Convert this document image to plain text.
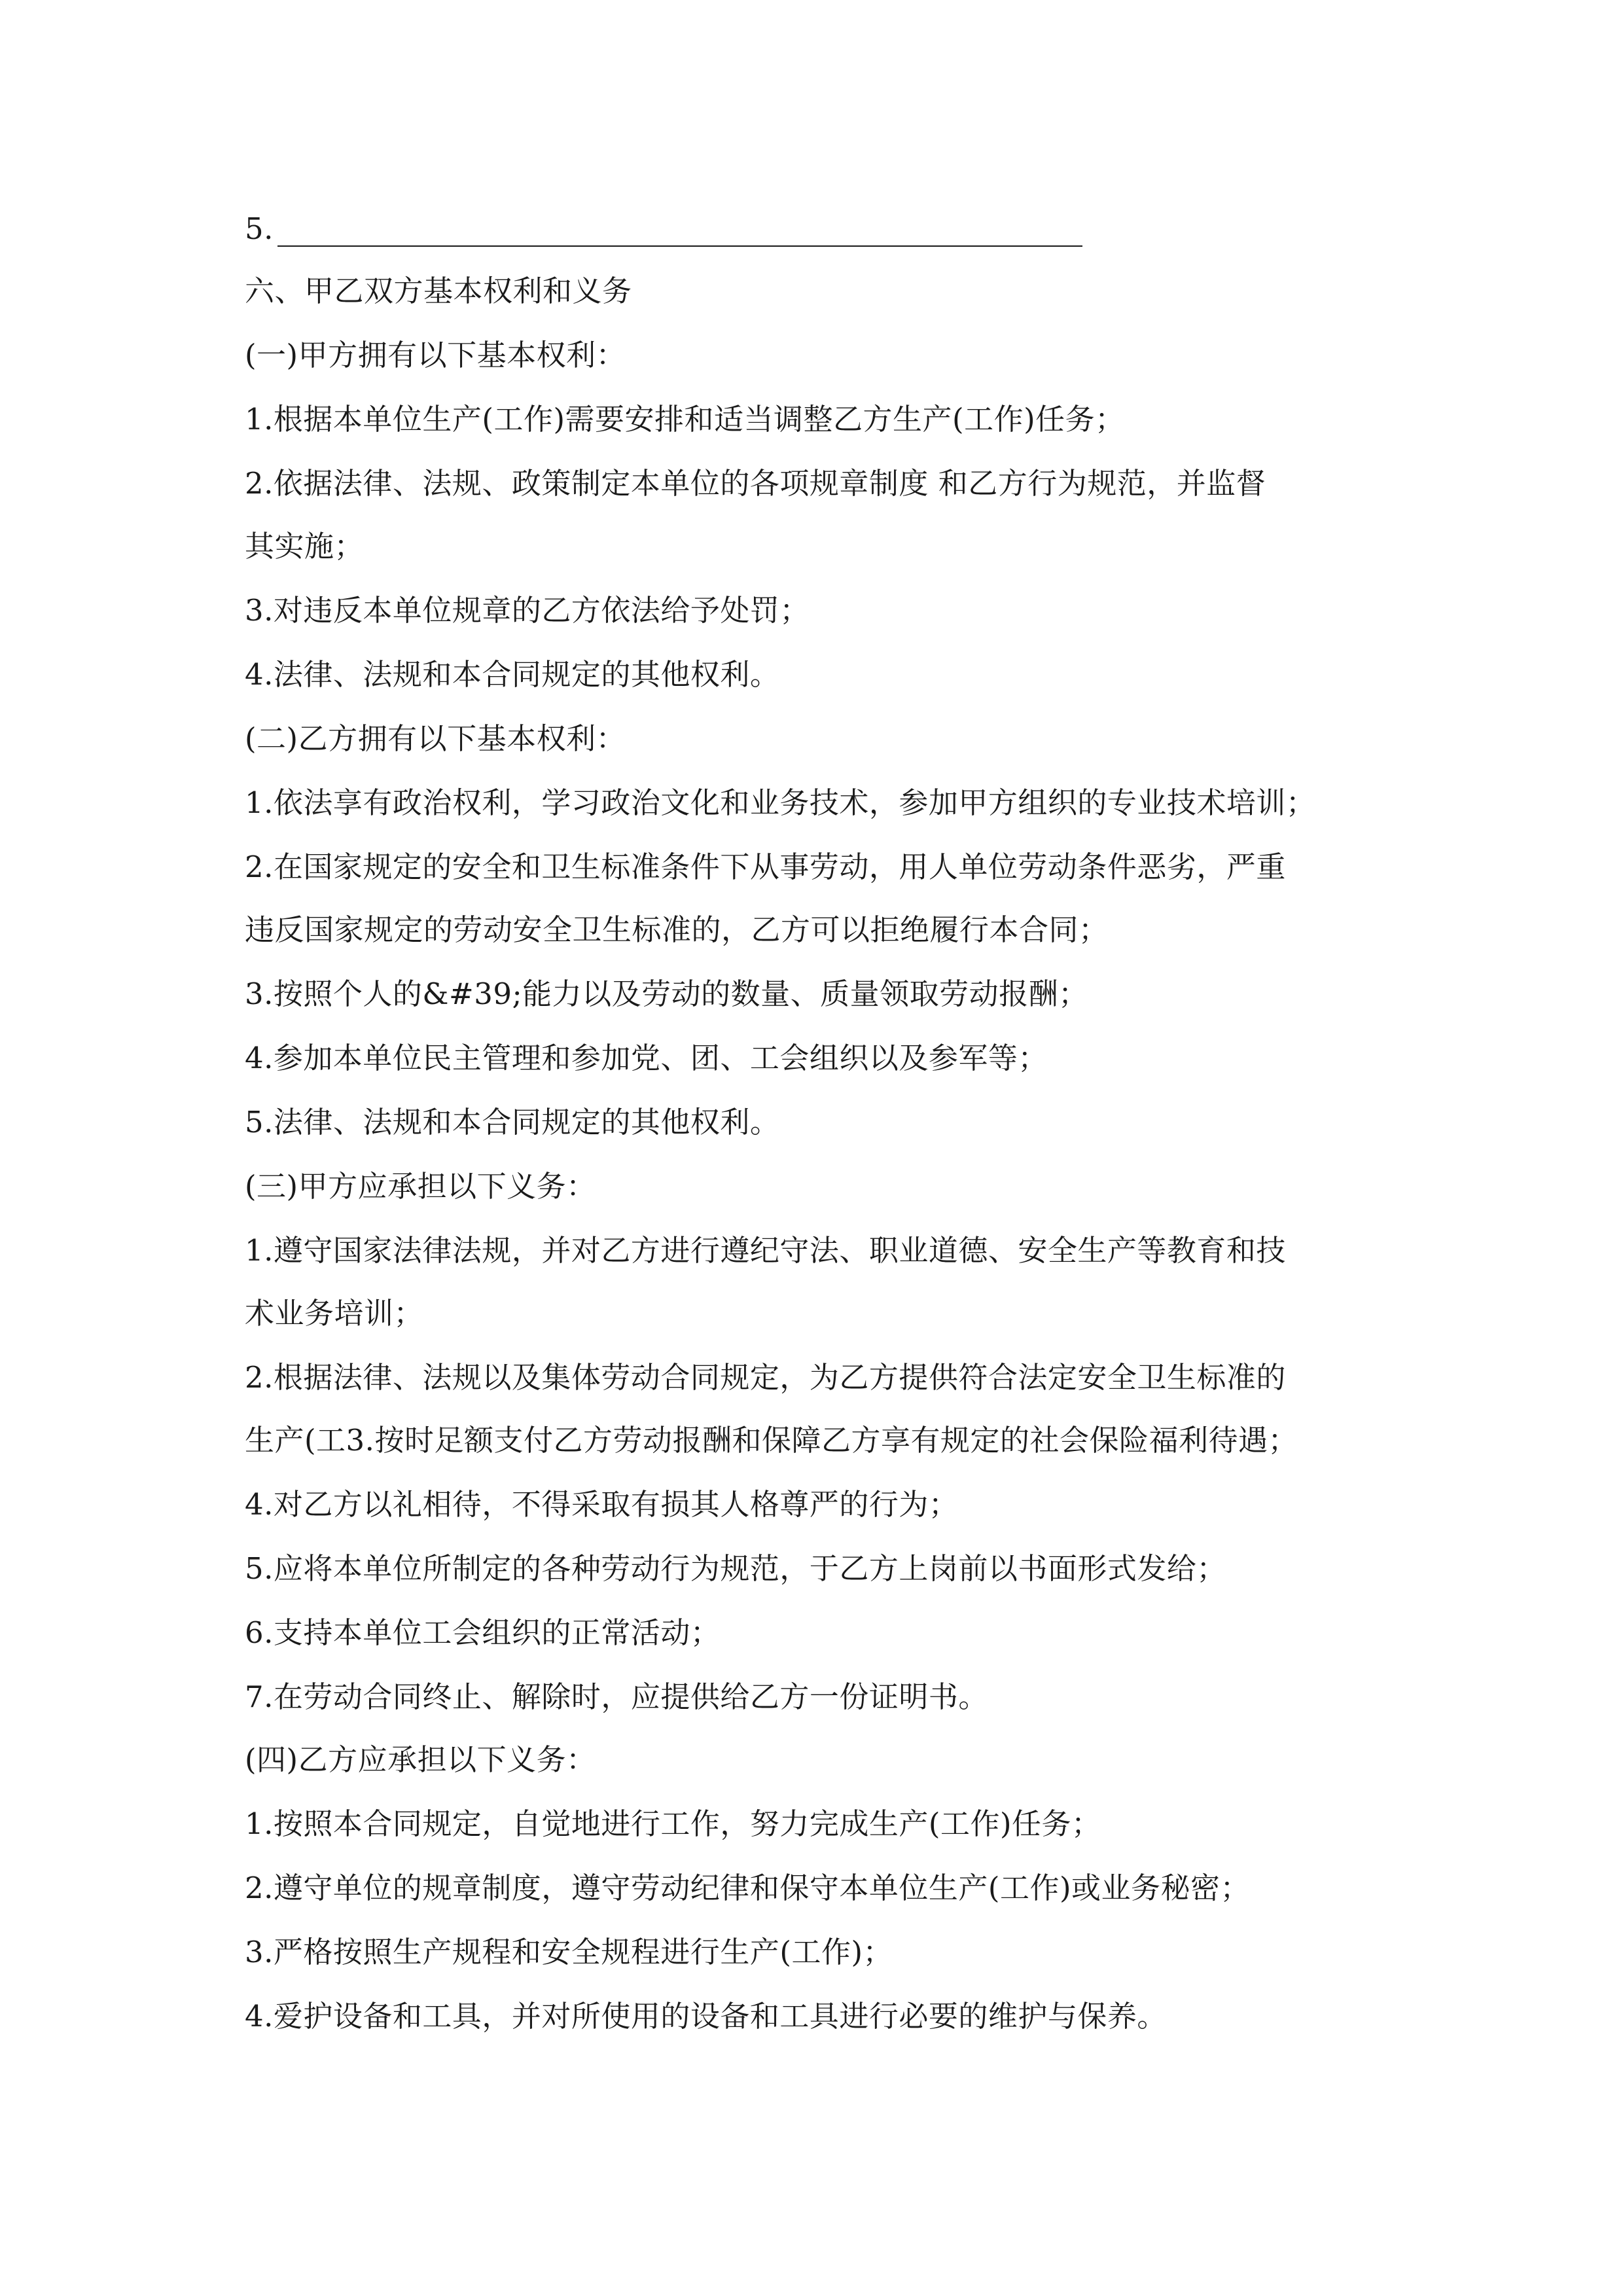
5.

六、甲乙双方基本权利和义务

(一)甲方拥有以下基本权利：

1.根据本单位生产(工作)需要安排和适当调整乙方生产(工作)任务；

2.依据法律、法规、政策制定本单位的各项规章制度 和乙方行为规范，并监督

其实施；

3.对违反本单位规章的乙方依法给予处罚；

4.法律、法规和本合同规定的其他权利。

(二)乙方拥有以下基本权利：

1.依法享有政治权利，学习政治文化和业务技术，参加甲方组织的专业技术培训；

2.在国家规定的安全和卫生标准条件下从事劳动，用人单位劳动条件恶劣，严重

违反国家规定的劳动安全卫生标准的，乙方可以拒绝履行本合同；

3.按照个人的&#39;能力以及劳动的数量、质量领取劳动报酬；

4.参加本单位民主管理和参加党、团、工会组织以及参军等；

5.法律、法规和本合同规定的其他权利。

(三)甲方应承担以下义务：

1.遵守国家法律法规，并对乙方进行遵纪守法、职业道德、安全生产等教育和技

术业务培训；

2.根据法律、法规以及集体劳动合同规定，为乙方提供符合法定安全卫生标准的

生产(工3.按时足额支付乙方劳动报酬和保障乙方享有规定的社会保险福利待遇；

4.对乙方以礼相待，不得采取有损其人格尊严的行为；

5.应将本单位所制定的各种劳动行为规范，于乙方上岗前以书面形式发给；

6.支持本单位工会组织的正常活动；

7.在劳动合同终止、解除时，应提供给乙方一份证明书。

(四)乙方应承担以下义务：

1.按照本合同规定，自觉地进行工作，努力完成生产(工作)任务；

2.遵守单位的规章制度，遵守劳动纪律和保守本单位生产(工作)或业务秘密；

3.严格按照生产规程和安全规程进行生产(工作)；

4.爱护设备和工具，并对所使用的设备和工具进行必要的维护与保养。
